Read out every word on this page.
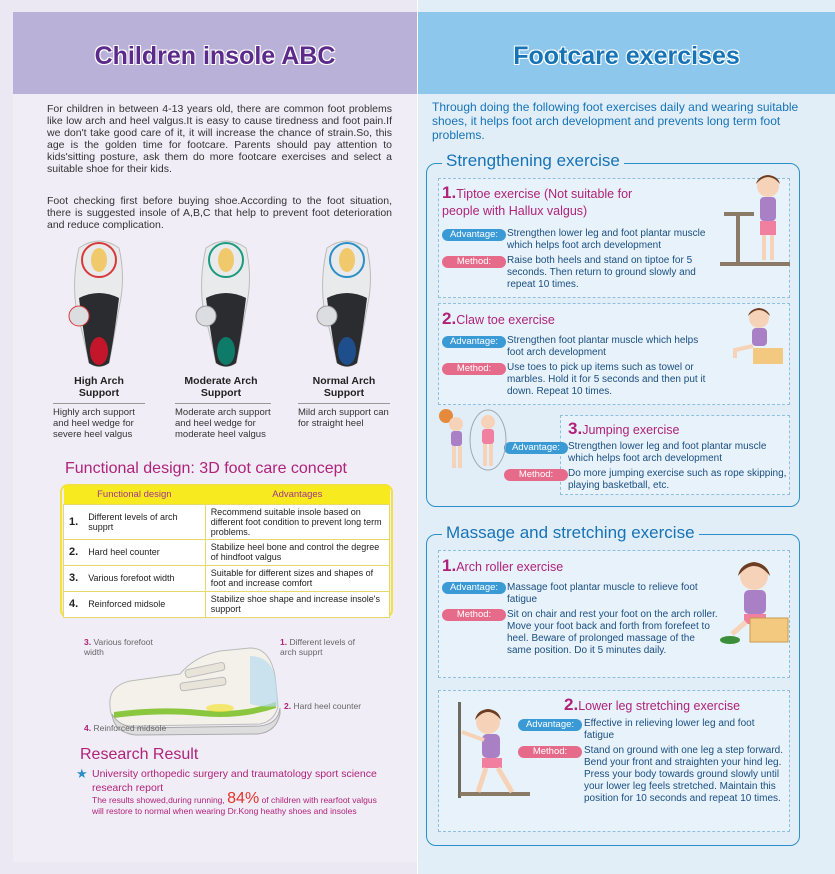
Children insole ABC
For children in between 4-13 years old, there are common foot problems like low arch and heel valgus.It is easy to cause tiredness and foot pain.If we don't take good care of it, it will increase the chance of strain.So, this age is the golden time for footcare. Parents should pay attention to kids'sitting posture, ask them do more footcare exercises and select a suitable shoe for their kids.
Foot checking first before buying shoe.According to the foot situation, there is suggested insole of A,B,C that help to prevent foot deterioration and reduce complication.
High Arch Support
Moderate Arch Support
Normal Arch Support
Highly arch support and heel wedge for severe heel valgus
Moderate arch support and heel wedge for moderate heel valgus
Mild arch support can for straight heel
Functional design: 3D foot care concept
Functional design		Advantages
1.	Different levels of arch supprt	Recommend suitable insole based on different foot condition to prevent long term problems.
2.	Hard heel counter	Stabilize heel bone and control the degree of hindfoot valgus
3.	Various forefoot width	Suitable for different sizes and shapes of foot and increase comfort
4.	Reinforced midsole	Stabilize shoe shape and increase insole's support
3. Various forefoot width
1. Different levels of arch supprt
2. Hard heel counter
4. Reinforced midsole
Research Result
★ University orthopedic surgery and traumatology sport science research report
The results showed,during running, 84% of children with rearfoot valgus will restore to normal when wearing Dr.Kong heathy shoes and insoles
Footcare exercises
Through doing the following foot exercises daily and wearing suitable shoes, it helps foot arch development and prevents long term foot problems.
Strengthening exercise
1.Tiptoe exercise (Not suitable for people with Hallux valgus)
Advantage: Strengthen lower leg and foot plantar muscle which helps foot arch development
Method:	Raise both heels and stand on tiptoe for 5 seconds. Then return to ground slowly and repeat 10 times.
2.Claw toe exercise
Advantage: Strengthen foot plantar muscle which helps foot arch development
Method:	Use toes to pick up items such as towel or marbles. Hold it for 5 seconds and then put it down. Repeat 10 times.
3.Jumping exercise
Advantage: Strengthen lower leg and foot plantar muscle which helps foot arch development
Method:	Do more jumping exercise such as rope skipping, playing basketball, etc.
Massage and stretching exercise
1.Arch roller exercise
Advantage: Massage foot plantar muscle to relieve foot fatigue
Method:	Sit on chair and rest your foot on the arch roller. Move your foot back and forth from forefeet to heel. Beware of prolonged massage of the same position. Do it 5 minutes daily.
2.Lower leg stretching exercise
Advantage: Effective in relieving lower leg and foot fatigue
Method:	Stand on ground with one leg a step forward. Bend your front and straighten your hind leg. Press your body towards ground slowly until your lower leg feels stretched. Maintain this position for 10 seconds and repeat 10 times.
